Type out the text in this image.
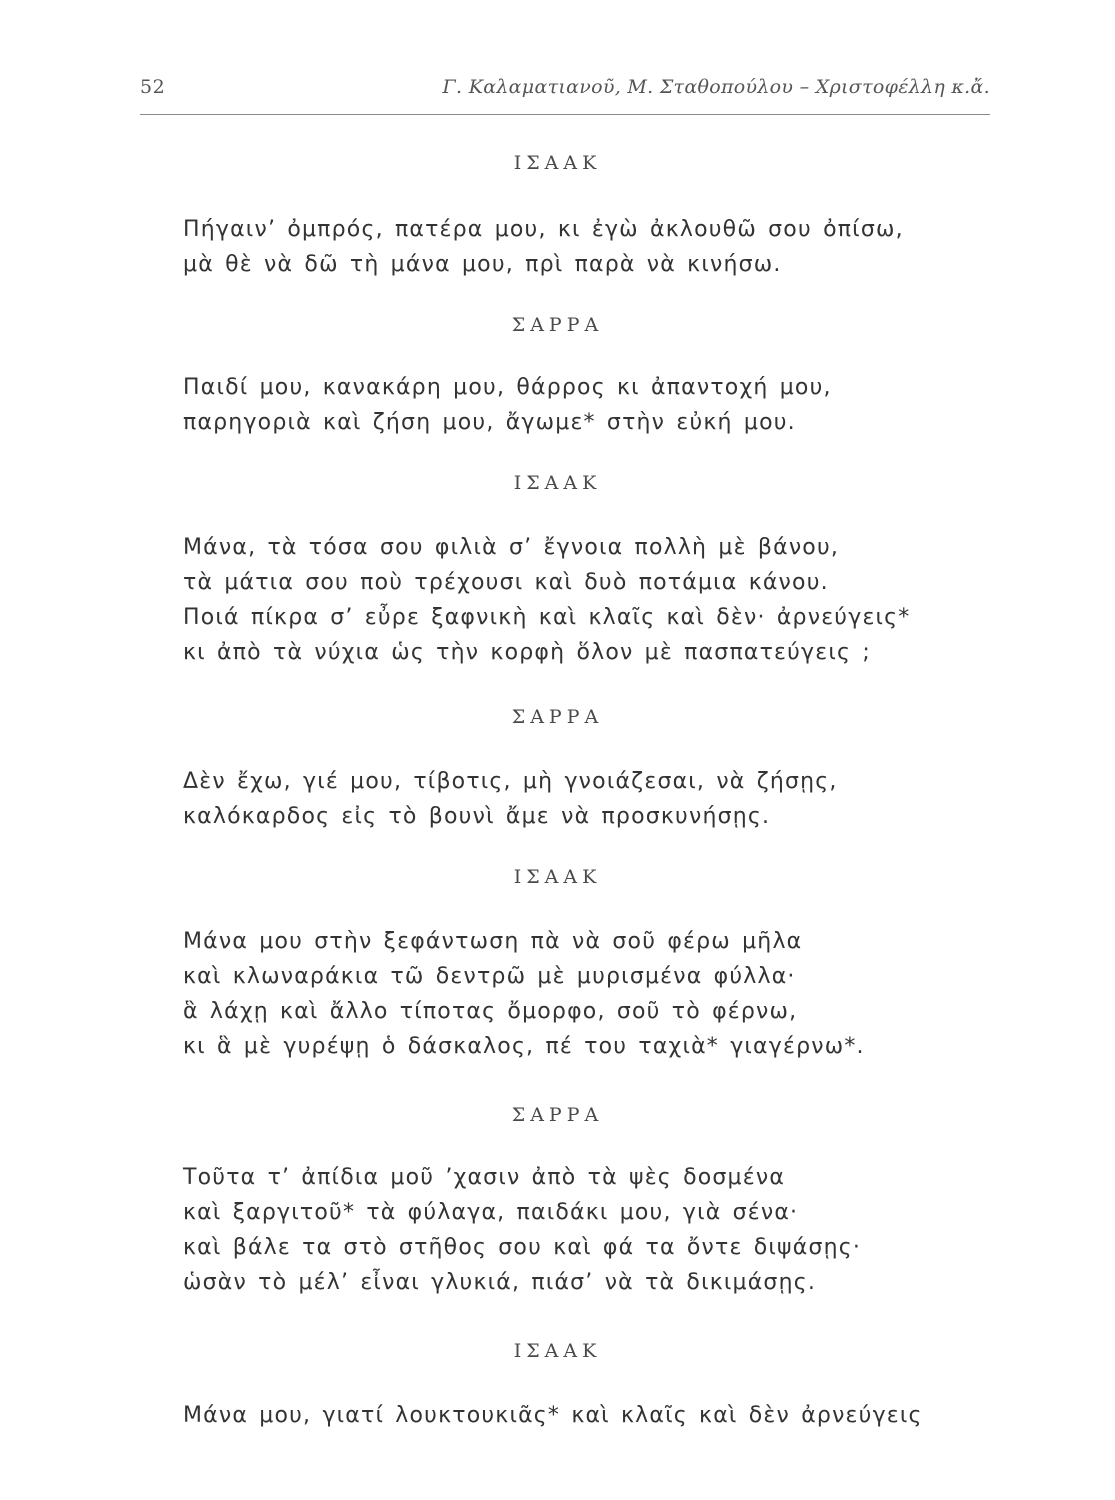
52	Γ. Καλαματιανοῦ, Μ. Σταθοπούλου – Χριστοφέλλη κ.ἄ.
ΙΣΑΑΚ
Πήγαιν’ ὀμπρός, πατέρα μου, κι ἐγὼ ἀκλουθῶ σου ὀπίσω,
μὰ θὲ νὰ δῶ τὴ μάνα μου, πρὶ παρὰ νὰ κινήσω.
ΣΑΡΡΑ
Παιδί μου, κανακάρη μου, θάρρος κι ἀπαντοχή μου,
παρηγοριὰ καὶ ζήση μου, ἄγωμε* στὴν εὐκή μου.
ΙΣΑΑΚ
Μάνα, τὰ τόσα σου φιλιὰ σ’ ἔγνοια πολλὴ μὲ βάνου,
τὰ μάτια σου ποὺ τρέχουσι καὶ δυὸ ποτάμια κάνου.
Ποιά πίκρα σ’ εὖρε ξαφνικὴ καὶ κλαῖς καὶ δὲν· ἀρνεύγεις*
κι ἀπὸ τὰ νύχια ὡς τὴν κορφὴ ὅλον μὲ πασπατεύγεις ;
ΣΑΡΡΑ
Δὲν ἔχω, γιέ μου, τίβοτις, μὴ γνοιάζεσαι, νὰ ζήσῃς,
καλόκαρδος εἰς τὸ βουνὶ ἄμε νὰ προσκυνήσῃς.
ΙΣΑΑΚ
Μάνα μου στὴν ξεφάντωση πὰ νὰ σοῦ φέρω μῆλα
καὶ κλωναράκια τῶ δεντρῶ μὲ μυρισμένα φύλλα·
ἃ λάχῃ καὶ ἄλλο τίποτας ὄμορφο, σοῦ τὸ φέρνω,
κι ἃ μὲ γυρέψῃ ὁ δάσκαλος, πέ του ταχιὰ* γιαγέρνω*.
ΣΑΡΡΑ
Τοῦτα τ’ ἀπίδια μοῦ ’χασιν ἀπὸ τὰ ψὲς δοσμένα
καὶ ξαργιτοῦ* τὰ φύλαγα, παιδάκι μου, γιὰ σένα·
καὶ βάλε τα στὸ στῆθος σου καὶ φά τα ὄντε διψάσῃς·
ὡσὰν τὸ μέλ’ εἶναι γλυκιά, πιάσ’ νὰ τὰ δικιμάσῃς.
ΙΣΑΑΚ
Μάνα μου, γιατί λουκτουκιᾶς* καὶ κλαῖς καὶ δὲν ἀρνεύγεις
